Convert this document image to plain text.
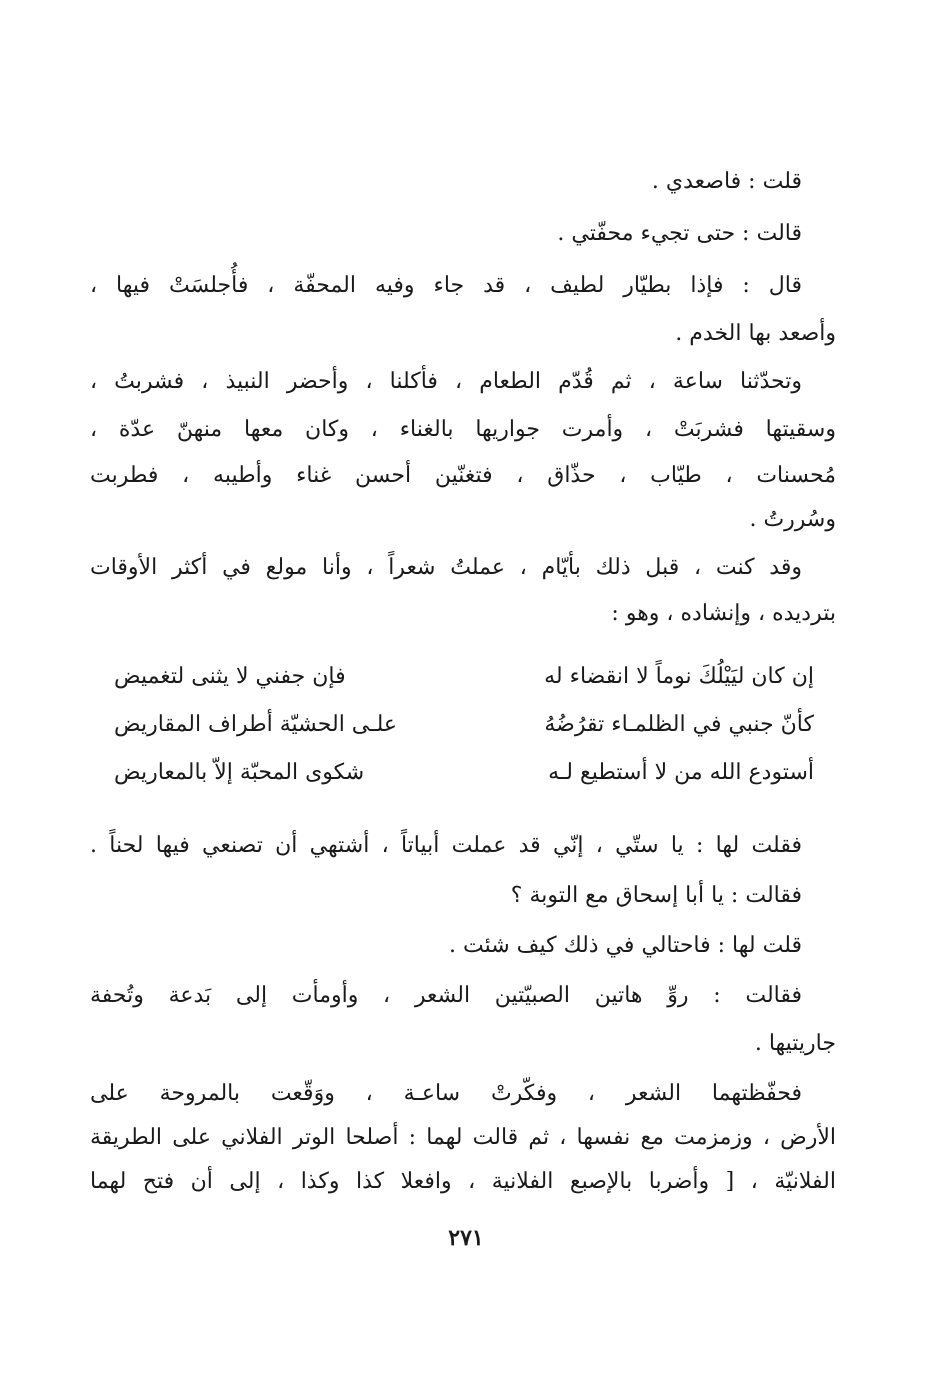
قلت : فاصعدي .
قالت : حتى تجيء محفّتي .
قال : فإذا بطيّار لطيف ، قد جاء وفيه المحفّة ، فأُجلسَتْ فيها ،
وأصعد بها الخدم .
وتحدّثنا ساعة ، ثم قُدّم الطعام ، فأكلنا ، وأحضر النبيذ ، فشربتُ ،
وسقيتها فشربَتْ ، وأمرت جواريها بالغناء ، وكان معها منهنّ عدّة ،
مُحسنات ، طيّاب ، حذّاق ، فتغنّين أحسن غناء وأطيبه ، فطربت
وسُررتُ .
وقد كنت ، قبل ذلك بأيّام ، عملتُ شعراً ، وأنا مولع في أكثر الأوقات
بترديده ، وإنشاده ، وهو :
إن كان ليَيْلُكَ نوماً لا انقضاء له
فإن جفني لا يثنى لتغميض
كأنّ جنبي في الظلمـاء تقرُضُهُ
علـى الحشيّة أطراف المقاريض
أستودع الله من لا أستطيع لـه
شكوى المحبّة إلاّ بالمعاريض
فقلت لها : يا ستّي ، إنّي قد عملت أبياتاً ، أشتهي أن تصنعي فيها لحناً .
فقالت : يا أبا إسحاق مع التوبة ؟
قلت لها : فاحتالي في ذلك كيف شئت .
فقالت : روِّ هاتين الصبيّتين الشعر ، وأومأت إلى بَدعة وتُحفة
جاريتيها .
فحفّظتهما الشعر ، وفكّرتْ ساعـة ، ووَقّعت بالمروحة على
الأرض ، وزمزمت مع نفسها ، ثم قالت لهما : أصلحا الوتر الفلاني على الطريقة
الفلانيّة ، [ وأضربا بالإصبع الفلانية ، وافعلا كذا وكذا ، إلى أن فتح لهما
٢٧١
